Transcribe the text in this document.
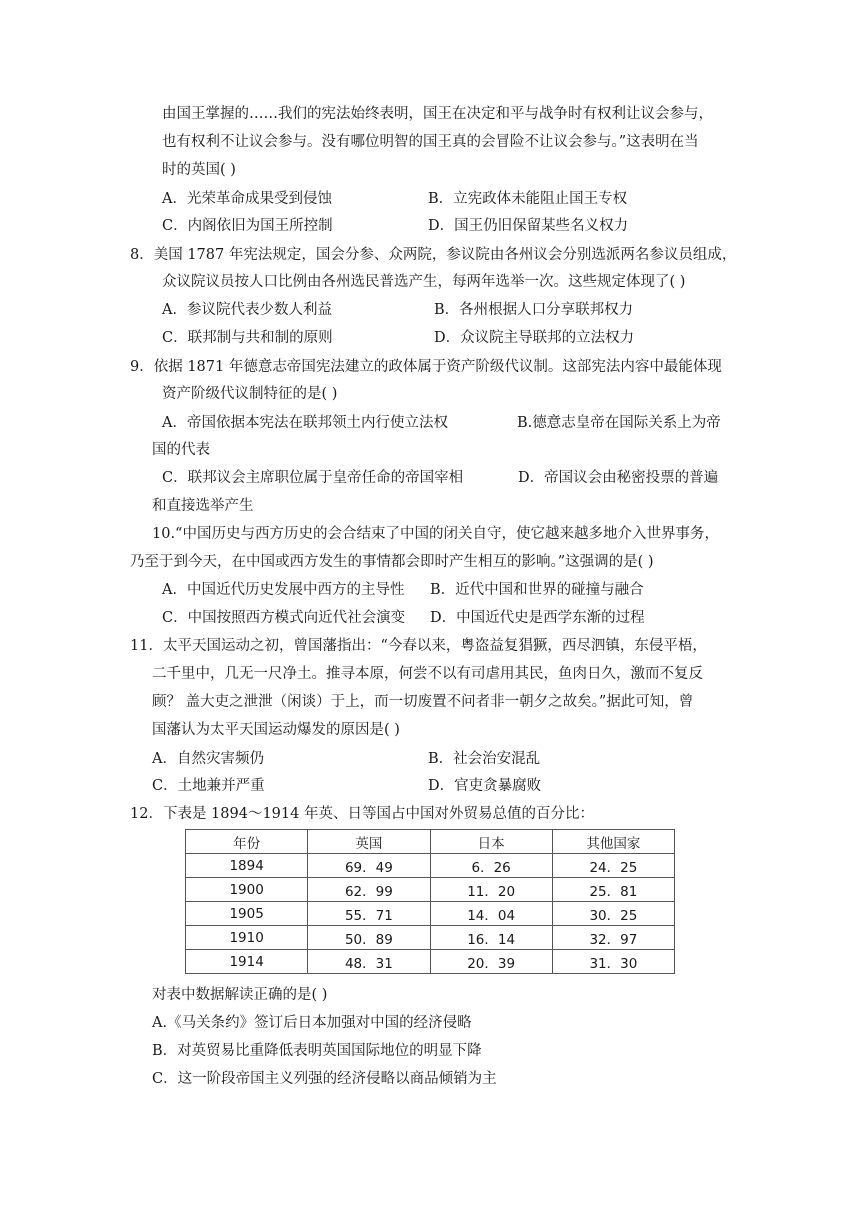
由国王掌握的……我们的宪法始终表明，国王在决定和平与战争时有权利让议会参与，
也有权利不让议会参与。没有哪位明智的国王真的会冒险不让议会参与。”这表明在当
时的英国( )
A．光荣革命成果受到侵蚀	B．立宪政体未能阻止国王专权
C．内阁依旧为国王所控制	D．国王仍旧保留某些名义权力
8．美国 1787 年宪法规定，国会分参、众两院，参议院由各州议会分别选派两名参议员组成，
众议院议员按人口比例由各州选民普选产生，每两年选举一次。这些规定体现了( )
A．参议院代表少数人利益	B．各州根据人口分享联邦权力
C．联邦制与共和制的原则	D．众议院主导联邦的立法权力
9．依据 1871 年德意志帝国宪法建立的政体属于资产阶级代议制。这部宪法内容中最能体现
资产阶级代议制特征的是( )
A．帝国依据本宪法在联邦领土内行使立法权	B.德意志皇帝在国际关系上为帝
国的代表
C．联邦议会主席职位属于皇帝任命的帝国宰相	D．帝国议会由秘密投票的普遍
和直接选举产生
10.“中国历史与西方历史的会合结束了中国的闭关自守，使它越来越多地介入世界事务，
乃至于到今天，在中国或西方发生的事情都会即时产生相互的影响。”这强调的是( )
A．中国近代历史发展中西方的主导性 B．近代中国和世界的碰撞与融合
C．中国按照西方模式向近代社会演变 D．中国近代史是西学东渐的过程
11．太平天国运动之初，曾国藩指出：“今春以来，粤盗益复猖獗，西尽泗镇，东侵平梧，
二千里中，几无一尺净土。推寻本原，何尝不以有司虐用其民，鱼肉日久，激而不复反
顾？ 盖大吏之泄泄（闲谈）于上，而一切废置不问者非一朝夕之故矣。”据此可知，曾
国藩认为太平天国运动爆发的原因是( )
A．自然灾害频仍	B．社会治安混乱
C．土地兼并严重	D．官吏贪暴腐败
12．下表是 1894～1914 年英、日等国占中国对外贸易总值的百分比：
年份	英国	日本	其他国家
1894	69．49	6．26	24．25
1900	62．99	11．20	25．81
1905	55．71	14．04	30．25
1910	50．89	16．14	32．97
1914	48．31	20．39	31．30
对表中数据解读正确的是( )
A.《马关条约》签订后日本加强对中国的经济侵略
B．对英贸易比重降低表明英国国际地位的明显下降
C．这一阶段帝国主义列强的经济侵略以商品倾销为主
